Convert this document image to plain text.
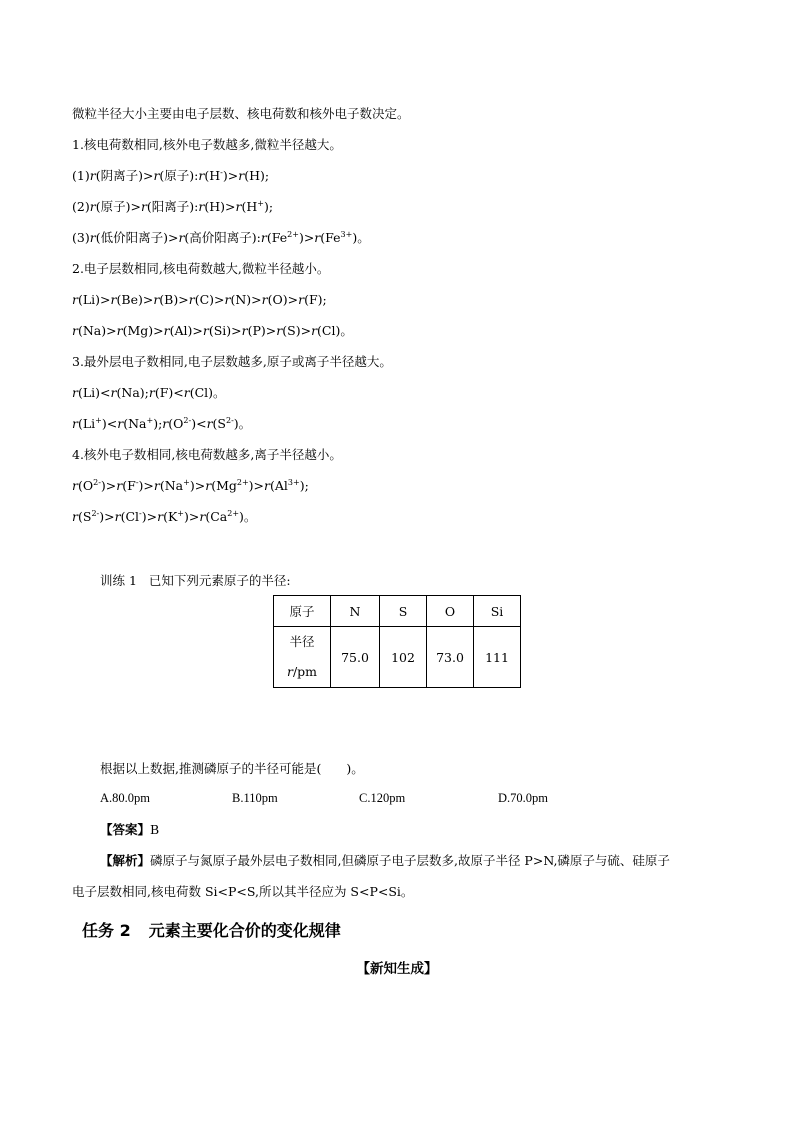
微粒半径大小主要由电子层数、核电荷数和核外电子数决定。
1.核电荷数相同,核外电子数越多,微粒半径越大。
(1)r(阴离子)>r(原子):r(H-)>r(H);
(2)r(原子)>r(阳离子):r(H)>r(H+);
(3)r(低价阳离子)>r(高价阳离子)$:r(Fe^{2+})>r(Fe^{3+})$。
2.电子层数相同,核电荷数越大,微粒半径越小。
r(Li)>r(Be)>r(B)>r(C)>r(N)>r(O)>r(F);
r(Na)>r(Mg)>r(Al)>r(Si)>r(P)>r(S)>r(Cl)。
3.最外层电子数相同,电子层数越多,原子或离子半径越大。
r(Li)<r(Na);r(F)<r(Cl)。
$r(Li^+)<r(Na^+);r(O^{2-})<r(S^{2-})$。
4.核外电子数相同,核电荷数越多,离子半径越小。
$r(O^{2-})>r(F^-)>r(Na^+)>r(Mg^{2+})>r(Al^{3+})$;
$r(S^{2-})>r(Cl^-)>r(K^+)>r(Ca^{2+})$。
训练 1 已知下列元素原子的半径:
原子	N	S	O	Si

半径
r/pm	75.0	102	73.0	111
根据以上数据,推测磷原子的半径可能是(　　)。
A.80.0pm	B.110pm	C.120pm	D.70.0pm
【答案】B
【解析】磷原子与氮原子最外层电子数相同,但磷原子电子层数多,故原子半径 P>N,磷原子与硫、硅原子
电子层数相同,核电荷数 Si<P<S,所以其半径应为 S<P<Si。
任务 2 元素主要化合价的变化规律
【新知生成】
